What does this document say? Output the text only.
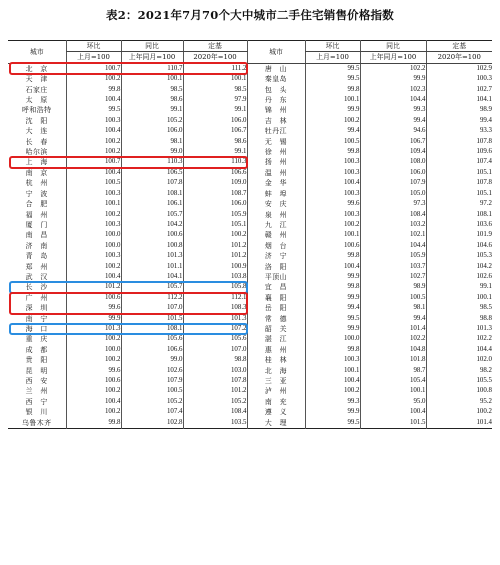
表2：2021年7月70个大中城市二手住宅销售价格指数
城市	环比	同比	定基	城市	环比	同比	定基
	上月=100	上年同月=100	2020年=100		上月=100	上年同月=100	2020年=100
北　京	100.7	110.7	111.2	唐　山	99.5	102.2	102.9
天　津	100.2	100.1	100.1	秦皇岛	99.5	99.9	100.3
石家庄	99.8	98.5	98.5	包　头	99.8	102.3	102.7
太　原	100.4	98.6	97.9	丹　东	100.1	104.4	104.1
呼和浩特	99.5	99.1	99.1	锦　州	99.9	99.3	98.9
沈　阳	100.3	105.2	106.0	吉　林	100.2	99.4	99.4
大　连	100.4	106.0	106.7	牡丹江	99.4	94.6	93.3
长　春	100.2	98.1	98.6	无　锡	100.5	106.7	107.8
哈尔滨	100.2	99.0	99.1	徐　州	99.8	109.4	109.6
上　海	100.7	110.3	110.3	扬　州	100.3	108.0	107.4
南　京	100.4	106.5	106.6	温　州	100.3	106.0	105.1
杭　州	100.5	107.8	109.0	金　华	100.4	107.9	107.8
宁　波	100.3	108.1	108.7	蚌　埠	100.3	105.0	105.1
合　肥	100.1	106.1	106.0	安　庆	99.6	97.3	97.2
福　州	100.2	105.7	105.9	泉　州	100.3	108.4	108.1
厦　门	100.3	104.2	105.1	九　江	100.2	103.2	103.6
南　昌	100.0	100.6	100.2	赣　州	100.1	102.1	101.9
济　南	100.0	100.8	101.2	烟　台	100.6	104.4	104.6
青　岛	100.3	101.3	101.2	济　宁	99.8	105.9	105.3
郑　州	100.2	101.1	100.9	洛　阳	100.4	103.7	104.2
武　汉	100.4	104.1	103.8	平顶山	99.9	102.7	102.6
长　沙	101.2	105.7	105.8	宜　昌	99.8	98.9	99.1
广　州	100.6	112.2	112.1	襄　阳	99.9	100.5	100.1
深　圳	99.6	107.0	108.3	岳　阳	99.4	98.1	98.5
南　宁	99.9	101.5	101.3	常　德	99.5	99.4	98.8
海　口	101.3	108.1	107.2	韶　关	99.9	101.4	101.3
重　庆	100.2	105.6	105.6	湛　江	100.0	102.2	102.2
成　都	100.0	106.6	107.0	惠　州	99.8	104.8	104.4
贵　阳	100.2	99.0	98.8	桂　林	100.3	101.8	102.0
昆　明	99.6	102.6	103.0	北　海	100.1	98.7	98.2
西　安	100.6	107.9	107.8	三　亚	100.4	105.4	105.5
兰　州	100.2	100.5	101.2	泸　州	100.2	100.1	100.8
西　宁	100.4	105.2	105.2	南　充	99.3	95.0	95.2
银　川	100.2	107.4	108.4	遵　义	99.9	100.4	100.2
乌鲁木齐	99.8	102.8	103.5	大　理	99.5	101.5	101.4
